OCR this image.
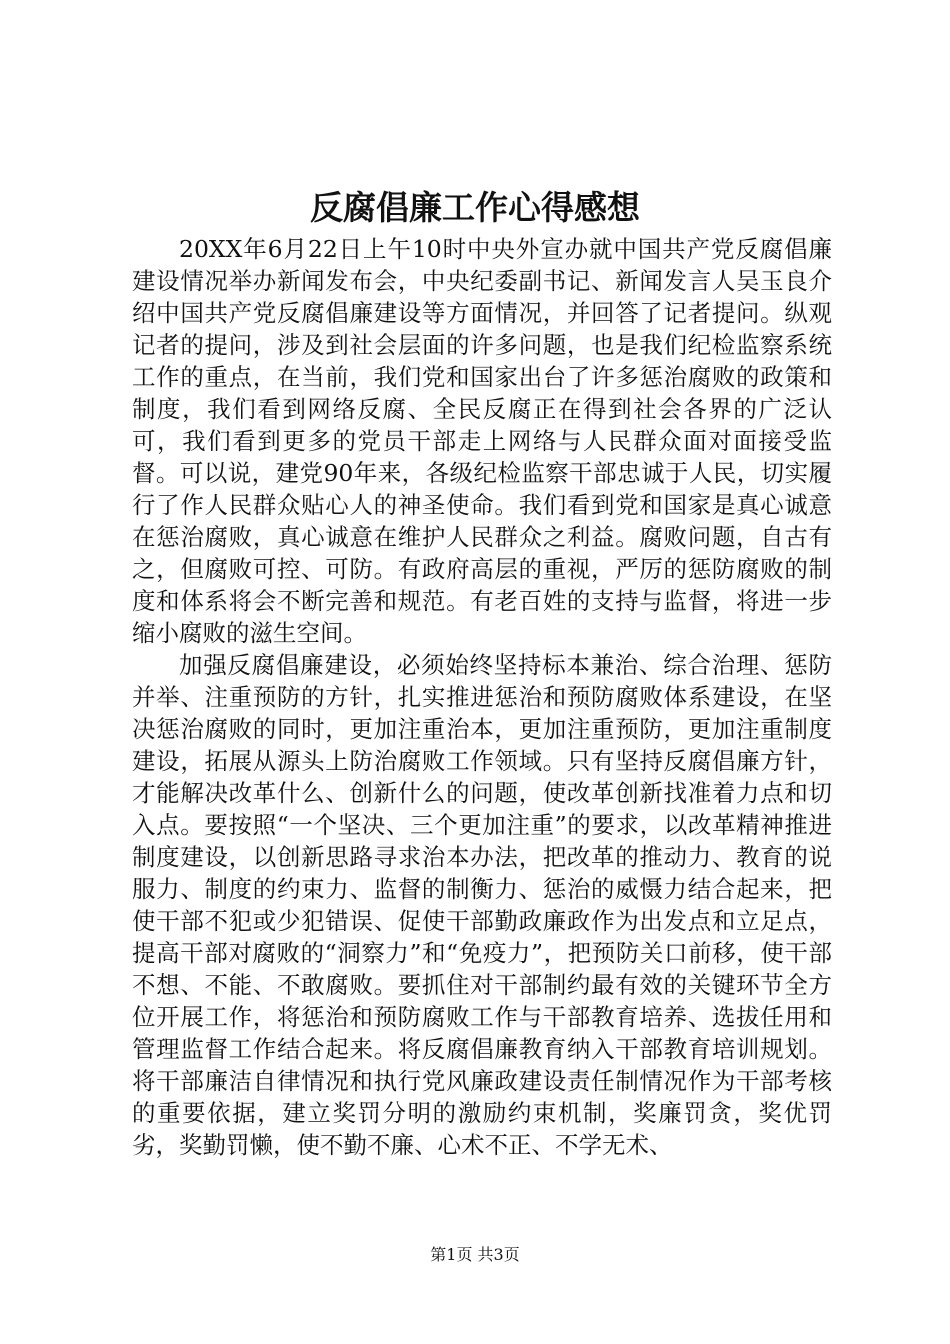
反腐倡廉工作心得感想

20XX年6月22日上午10时中央外宣办就中国共产党反腐倡廉建设情况举办新闻发布会，中央纪委副书记、新闻发言人吴玉良介绍中国共产党反腐倡廉建设等方面情况，并回答了记者提问。纵观记者的提问，涉及到社会层面的许多问题，也是我们纪检监察系统工作的重点，在当前，我们党和国家出台了许多惩治腐败的政策和制度，我们看到网络反腐、全民反腐正在得到社会各界的广泛认可，我们看到更多的党员干部走上网络与人民群众面对面接受监督。可以说，建党90年来，各级纪检监察干部忠诚于人民，切实履行了作人民群众贴心人的神圣使命。我们看到党和国家是真心诚意在惩治腐败，真心诚意在维护人民群众之利益。腐败问题，自古有之，但腐败可控、可防。有政府高层的重视，严厉的惩防腐败的制度和体系将会不断完善和规范。有老百姓的支持与监督，将进一步缩小腐败的滋生空间。

加强反腐倡廉建设，必须始终坚持标本兼治、综合治理、惩防并举、注重预防的方针，扎实推进惩治和预防腐败体系建设，在坚决惩治腐败的同时，更加注重治本，更加注重预防，更加注重制度建设，拓展从源头上防治腐败工作领域。只有坚持反腐倡廉方针，才能解决改革什么、创新什么的问题，使改革创新找准着力点和切入点。要按照“一个坚决、三个更加注重”的要求，以改革精神推进制度建设，以创新思路寻求治本办法，把改革的推动力、教育的说服力、制度的约束力、监督的制衡力、惩治的威慑力结合起来，把使干部不犯或少犯错误、促使干部勤政廉政作为出发点和立足点，提高干部对腐败的“洞察力”和“免疫力”，把预防关口前移，使干部不想、不能、不敢腐败。要抓住对干部制约最有效的关键环节全方位开展工作，将惩治和预防腐败工作与干部教育培养、选拔任用和管理监督工作结合起来。将反腐倡廉教育纳入干部教育培训规划。将干部廉洁自律情况和执行党风廉政建设责任制情况作为干部考核的重要依据，建立奖罚分明的激励约束机制，奖廉罚贪，奖优罚劣，奖勤罚懒，使不勤不廉、心术不正、不学无术、

第1页 共3页
